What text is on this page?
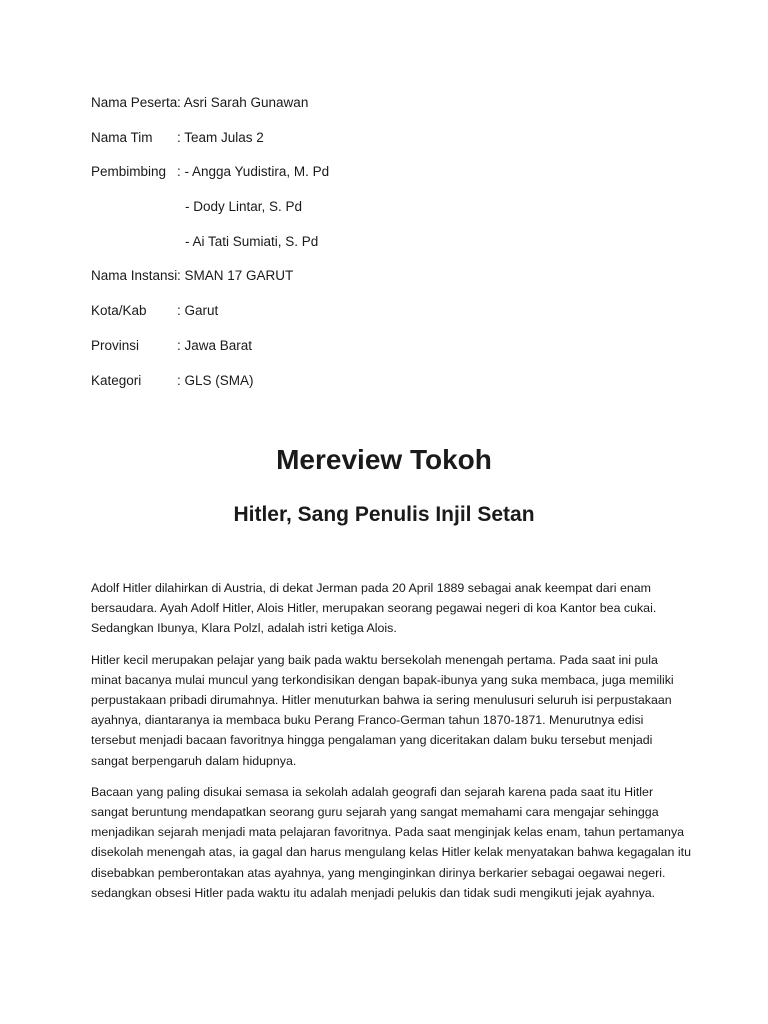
Nama Peserta: Asri Sarah Gunawan
Nama Tim : Team Julas 2
Pembimbing : - Angga Yudistira, M. Pd
- Dody Lintar, S. Pd
- Ai Tati Sumiati, S. Pd
Nama Instansi: SMAN 17 GARUT
Kota/Kab : Garut
Provinsi	: Jawa Barat
Kategori	: GLS (SMA)
Mereview Tokoh
Hitler, Sang Penulis Injil Setan

Adolf Hitler dilahirkan di Austria, di dekat Jerman pada 20 April 1889 sebagai anak keempat dari enam bersaudara. Ayah Adolf Hitler, Alois Hitler, merupakan seorang pegawai negeri di koa Kantor bea cukai. Sedangkan Ibunya, Klara Polzl, adalah istri ketiga Alois.

Hitler kecil merupakan pelajar yang baik pada waktu bersekolah menengah pertama. Pada saat ini pula minat bacanya mulai muncul yang terkondisikan dengan bapak-ibunya yang suka membaca, juga memiliki perpustakaan pribadi dirumahnya. Hitler menuturkan bahwa ia sering menulusuri seluruh isi perpustakaan ayahnya, diantaranya ia membaca buku Perang Franco-German tahun 1870-1871. Menurutnya edisi tersebut menjadi bacaan favoritnya hingga pengalaman yang diceritakan dalam buku tersebut menjadi sangat berpengaruh dalam hidupnya.

Bacaan yang paling disukai semasa ia sekolah adalah geografi dan sejarah karena pada saat itu Hitler sangat beruntung mendapatkan seorang guru sejarah yang sangat memahami cara mengajar sehingga menjadikan sejarah menjadi mata pelajaran favoritnya. Pada saat menginjak kelas enam, tahun pertamanya disekolah menengah atas, ia gagal dan harus mengulang kelas Hitler kelak menyatakan bahwa kegagalan itu disebabkan pemberontakan atas ayahnya, yang menginginkan dirinya berkarier sebagai oegawai negeri. sedangkan obsesi Hitler pada waktu itu adalah menjadi pelukis dan tidak sudi mengikuti jejak ayahnya.
